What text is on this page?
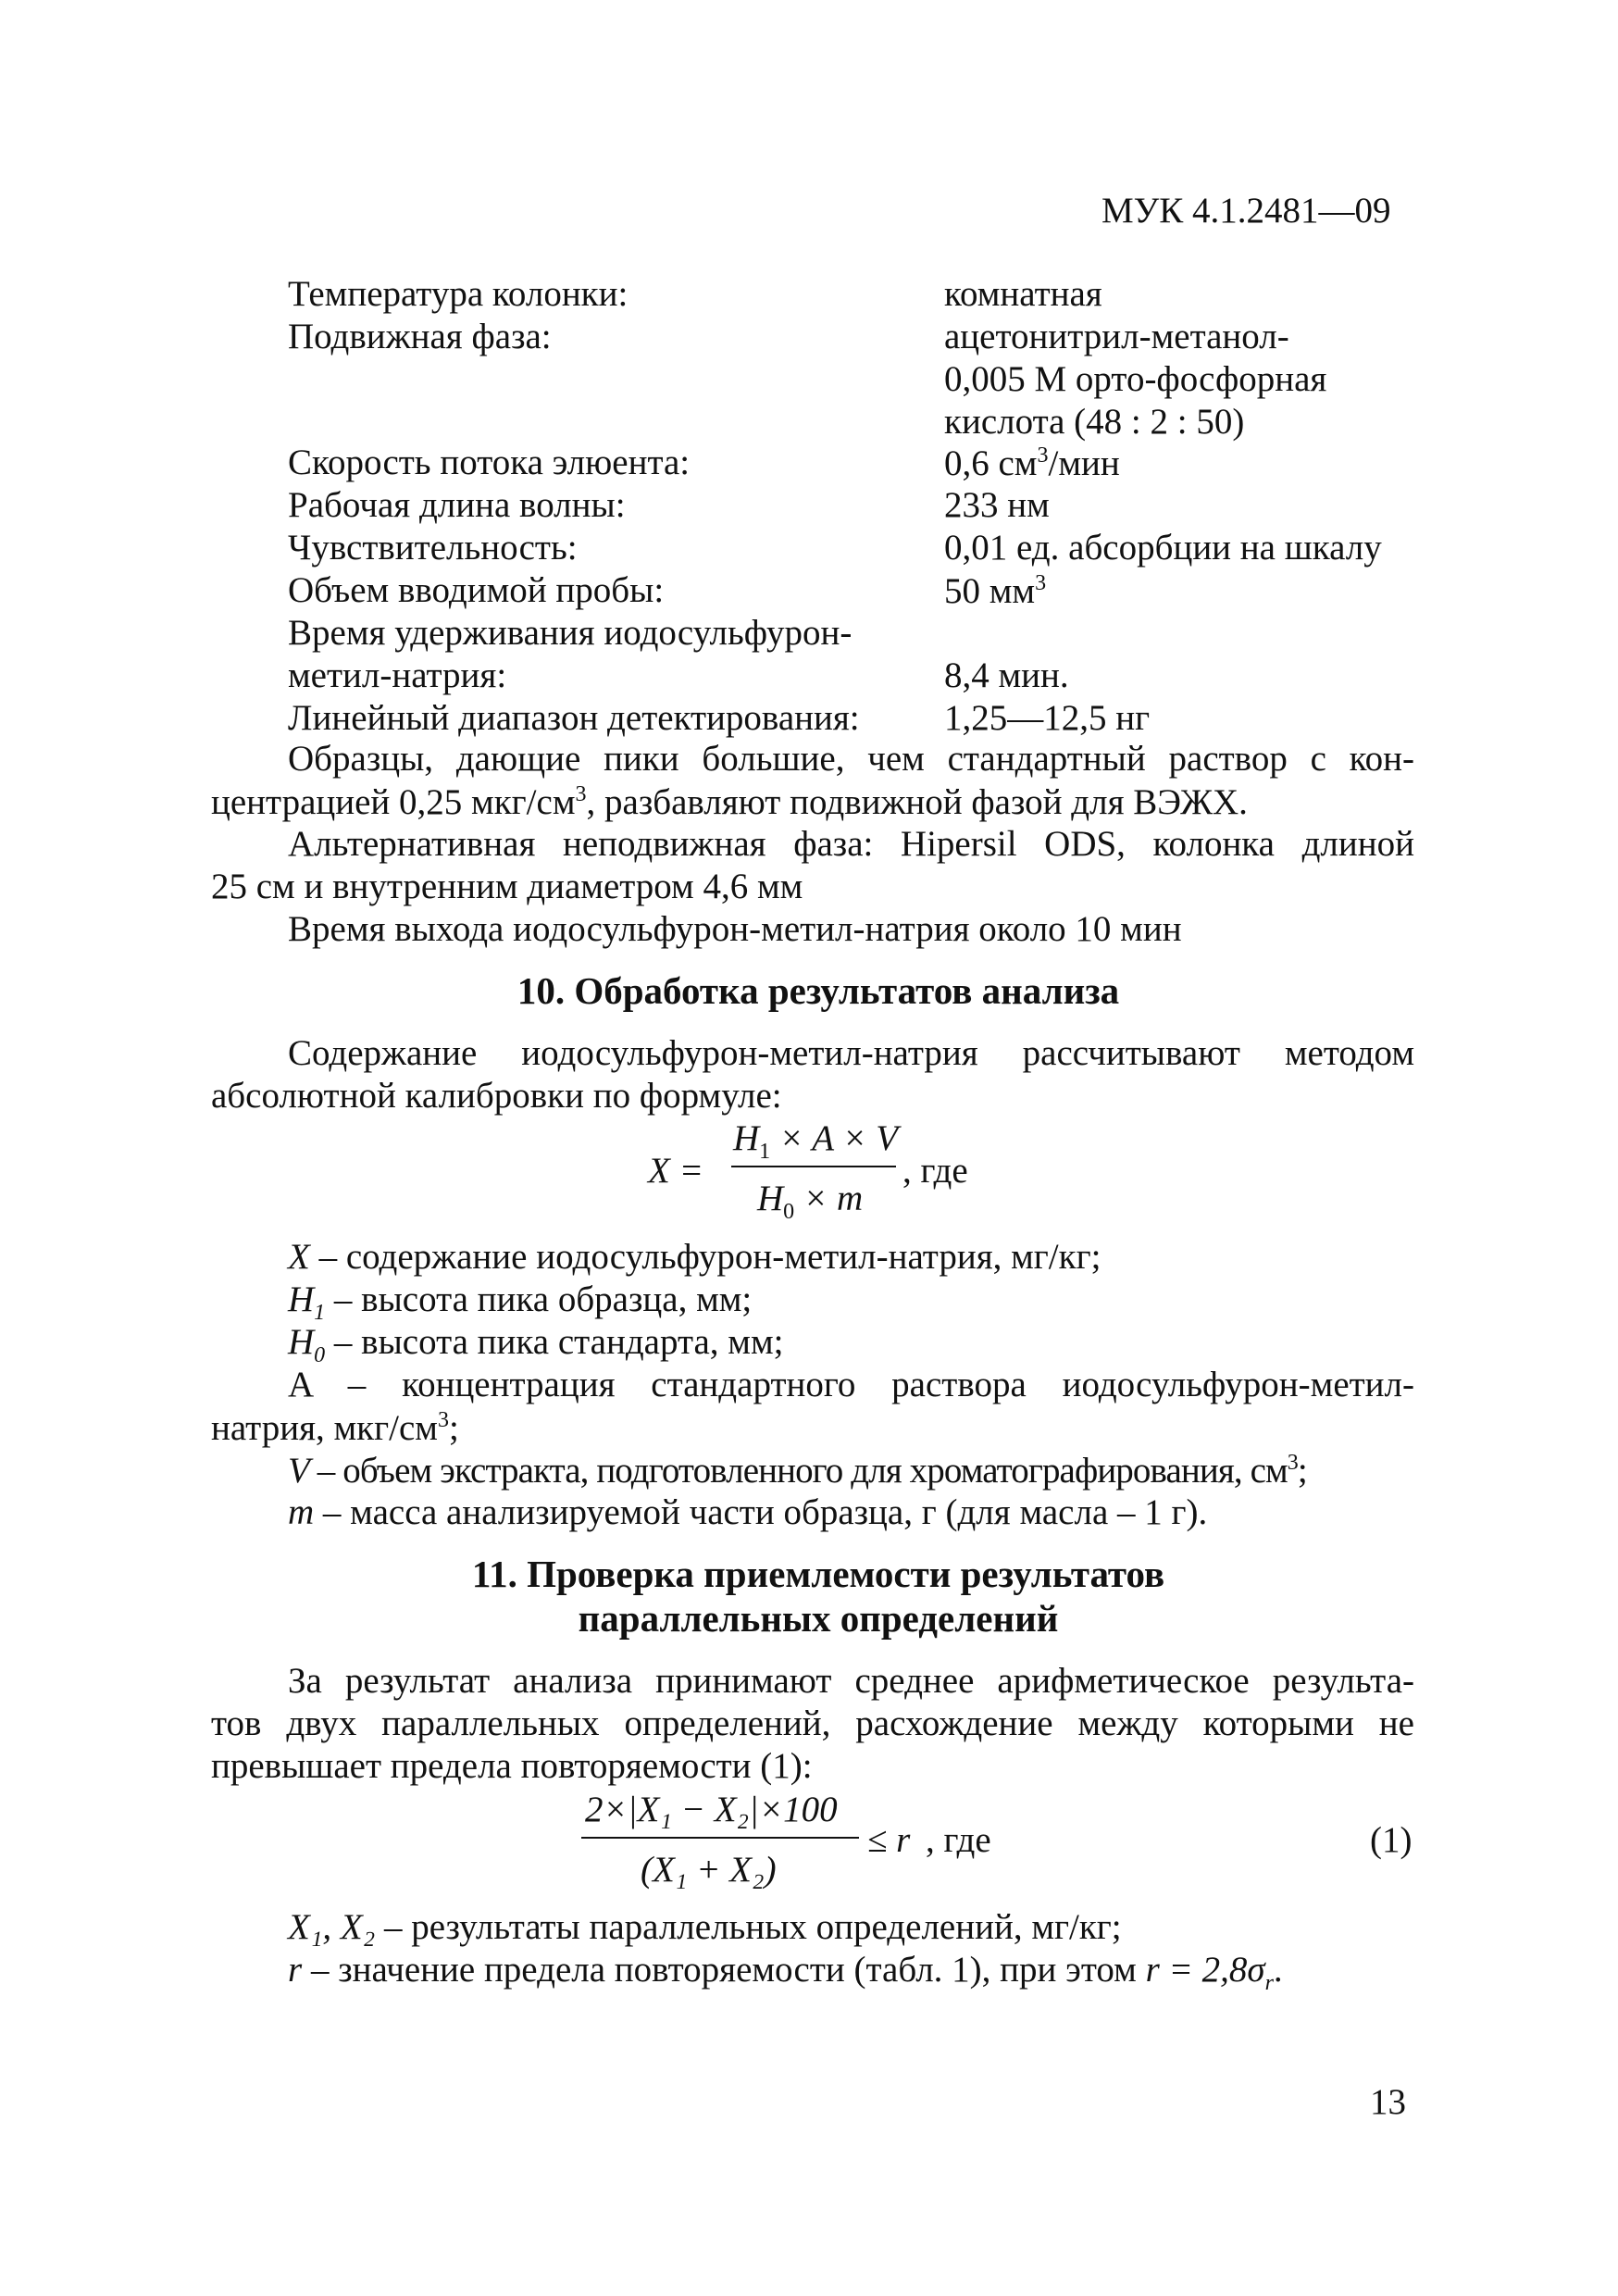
МУК 4.1.2481—09
Температура колонки:	комнатная
Подвижная фаза:	ацетонитрил-метанол-
0,005 М орто-фосфорная
кислота (48 : 2 : 50)
Скорость потока элюента:	0,6 $см^3$/мин
Рабочая длина волны:	233 нм
Чувствительность:	0,01 ед. абсорбции на шкалу
Объем вводимой пробы:	50 $мм^3$
Время удерживания иодосульфурон-
метил-натрия:	8,4 мин.
Линейный диапазон детектирования: 1,25—12,5 нг
Образцы, дающие пики большие, чем стандартный раствор с кон-
центрацией 0,25 мкг/$см^3$, разбавляют подвижной фазой для ВЭЖХ.
Альтернативная неподвижная фаза: Hipersil ODS, колонка длиной
25 см и внутренним диаметром 4,6 мм
Время выхода иодосульфурон-метил-натрия около 10 мин
10. Обработка результатов анализа
Содержание иодосульфурон-метил-натрия рассчитывают методом
абсолютной калибровки по формуле:
X =
$H_1 \times A \times V$
$H_0 \times m$
, где
X – содержание иодосульфурон-метил-натрия, мг/кг;
$H_1$ – высота пика образца, мм;
$H_0$ – высота пика стандарта, мм;
A – концентрация стандартного раствора иодосульфурон-метил-
натрия, мкг/$см^3$;
V – объем экстракта, подготовленного для хроматографирования, $см^3$;
m – масса анализируемой части образца, г (для масла – 1 г).
11. Проверка приемлемости результатов
параллельных определений
За результат анализа принимают среднее арифметическое результа-
тов двух параллельных определений, расхождение между которыми не
превышает предела повторяемости (1):
2×|X₁ − X₂|×100
(X₁ + X₂)
≤ r , где	(1)
X₁, X₂ – результаты параллельных определений, мг/кг;
r – значение предела повторяемости (табл. 1), при этом $r = 2,8\sigma_r$.
13
